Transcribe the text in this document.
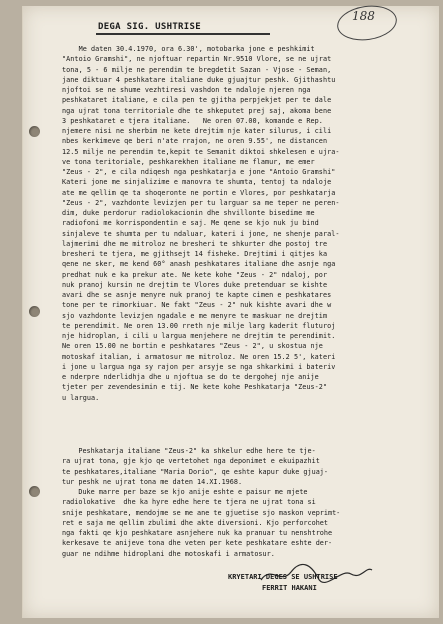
188
DEGA SIG. USHTRISE
Me daten 30.4.1970, ora 6.30', motobarka jone e peshkimit
"Antoio Gramshi", ne njoftuar repartin Nr.9510 Vlore, se ne ujrat
tona, 5 - 6 milje ne perendim te bregdetit Sazan - Vjose - Seman,
jane diktuar 4 peshkatare italiane duke gjuajtur peshk. Gjithashtu
njoftoi se ne shume vezhtiresi vashdon te ndaloje njeren nga
peshkataret italiane, e cila pen te gjitha perpjekjet per te dale
nga ujrat tona territoriale dhe te shkeputet prej saj, akoma bene
3 peshkataret e tjera italiane.   Ne oren 07.00, komande e Rep.
njemere nisi ne sherbim ne kete drejtim nje kater silurus, i cili
nbes kerkimeve qe beri n'ate rrajon, ne oren 9.55', ne distancen
12.5 milje ne perendim te,kepit te Semanit diktoi shkelesen e ujra-
ve tona teritoriale, peshkarekhen italiane me flamur, me emer
"Zeus - 2", e cila ndiqesh nga peshkatarja e jone "Antoio Gramshi"
Kateri jone me sinjalizime e manovra te shumta, tentoj ta ndaloje
ate me qellim qe ta shoqeronte ne portin e Vlores, por peshkatarja
"Zeus - 2", vazhdonte levizjen per tu larguar sa me teper ne peren-
dim, duke perdorur radiolokacionin dhe shvillonte bisedime me
radiofoni me korrispondentin e saj. Me qene se kjo nuk ju bind
sinjaleve te shumta per tu ndaluar, kateri i jone, ne shenje paral-
lajmerimi dhe me mitroloz ne bresheri te shkurter dhe postoj tre
bresheri te tjera, me gjithsejt 14 fisheke. Drejtimi i qitjes ka
qene ne sker, me kend 60° anash peshkatares italiane dhe asnje nga
predhat nuk e ka prekur ate. Ne kete kohe "Zeus - 2" ndaloj, por
nuk pranoj kursin ne drejtim te Vlores duke pretenduar se kishte
avari dhe se asnje menyre nuk pranoj te kapte cimen e peshkatares
tone per te rimorkiuar. Ne fakt "Zeus - 2" nuk kishte avari dhe w
sjo vazhdonte levizjen ngadale e me menyre te maskuar ne drejtim
te perendimit. Ne oren 13.00 rreth nje milje larg kaderit fluturoj
nje hidroplan, i cili u largua menjehere ne drejtim te perendimit.
Ne oren 15.00 ne bortin e peshkatares "Zeus - 2", u skostua nje
motoskaf italian, i armatosur me mitroloz. Ne oren 15.2 5', kateri
i jone u largua nga sy rajon per arsyje se nga shkarkimi i bateriv
e nderpre nderlidhja dhe u njoftua se do te dergohej nje anije
tjeter per zevendesimin e tij. Ne kete kohe Peshkatarja "Zeus-2"
u largua.
Peshkatarja italiane "Zeus-2" ka shkelur edhe here te tje-
ra ujrat tona, gje kjo qe vertetohet nga deponimet e ekuipazhit
te peshkatares,italiane "Maria Dorio", qe eshte kapur duke gjuaj-
tur peshk ne ujrat tona me daten 14.XI.1968.
Duke marre per baze se kjo anije eshte e paisur me mjete
radiolokative  dhe ka hyre edhe here te tjera ne ujrat tona si
snije peshkatare, mendojme se me ane te gjuetise sjo maskon veprimt-
ret e saja me qellim zbulimi dhe akte diversioni. Kjo perforcohet
nga fakti qe kjo peshkatare asnjehere nuk ka pranuar tu nenshtrohe
kerkesave te anijeve tona dhe veten per kete peshkatare eshte der-
guar ne ndihme hidroplani dhe motoskafi i armatosur.
KRYETARI DEGES SE USHTRISE
FERRIT HAKANI
